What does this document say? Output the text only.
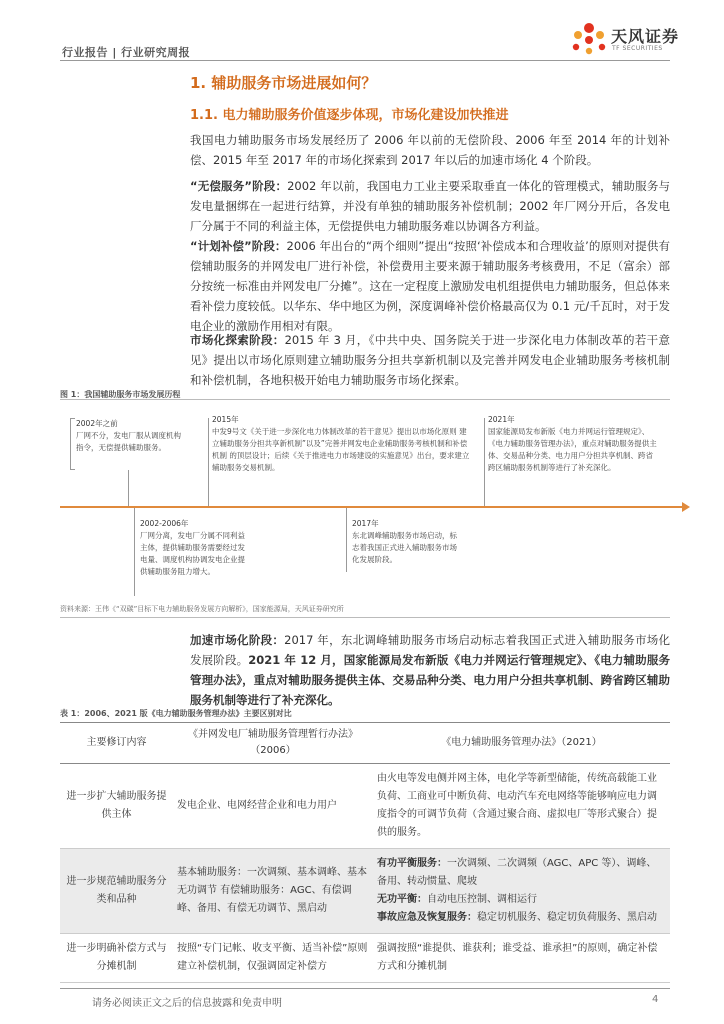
行业报告 | 行业研究周报
天风证券
TF SECURITIES
1. 辅助服务市场进展如何？
1.1. 电力辅助服务价值逐步体现，市场化建设加快推进
我国电力辅助服务市场发展经历了 2006 年以前的无偿阶段、2006 年至 2014 年的计划补偿、2015 年至 2017 年的市场化探索到 2017 年以后的加速市场化 4 个阶段。
“无偿服务”阶段：2002 年以前，我国电力工业主要采取垂直一体化的管理模式，辅助服务与发电量捆绑在一起进行结算，并没有单独的辅助服务补偿机制；2002 年厂网分开后，各发电厂分属于不同的利益主体，无偿提供电力辅助服务难以协调各方利益。
“计划补偿”阶段：2006 年出台的“两个细则”提出“按照‘补偿成本和合理收益’的原则对提供有偿辅助服务的并网发电厂进行补偿，补偿费用主要来源于辅助服务考核费用，不足（富余）部分按统一标准由并网发电厂分摊”。这在一定程度上激励发电机组提供电力辅助服务，但总体来看补偿力度较低。以华东、华中地区为例，深度调峰补偿价格最高仅为 0.1 元/千瓦时，对于发电企业的激励作用相对有限。
市场化探索阶段：2015 年 3 月，《中共中央、国务院关于进一步深化电力体制改革的若干意见》提出以市场化原则建立辅助服务分担共享新机制以及完善并网发电企业辅助服务考核机制和补偿机制，各地积极开始电力辅助服务市场化探索。
图 1：我国辅助服务市场发展历程
2002年之前
厂网不分，发电厂服从调度机构指令，无偿提供辅助服务。
2015年
中发9号文《关于进一步深化电力体制改革的若干意见》提出以市场化原则 建立辅助服务分担共享新机制”以及”完善并网发电企业辅助服务考核机制和补偿机制 的顶层设计；后续《关于推进电力市场建设的实施意见》出台，要求建立辅助服务交易机制。
2021年
国家能源局发布新版《电力并网运行管理规定》、《电力辅助服务管理办法》，重点对辅助服务提供主体、交易品种分类、电力用户分担共享机制、跨省跨区辅助服务机制等进行了补充深化。
2002-2006年
厂网分离，发电厂分属不同利益主体，提供辅助服务需要经过发电量、调度机构协调发电企业提供辅助服务阻力增大。
2017年
东北调峰辅助服务市场启动，标志着我国正式进入辅助服务市场化发展阶段。
资料来源：王伟《“双碳”目标下电力辅助服务发展方向解析》，国家能源局，天风证券研究所
加速市场化阶段：2017 年，东北调峰辅助服务市场启动标志着我国正式进入辅助服务市场化发展阶段。2021 年 12 月，国家能源局发布新版《电力并网运行管理规定》、《电力辅助服务管理办法》，重点对辅助服务提供主体、交易品种分类、电力用户分担共享机制、跨省跨区辅助服务机制等进行了补充深化。
表 1：2006、2021 版《电力辅助服务管理办法》主要区别对比
主要修订内容	《并网发电厂辅助服务管理暂行办法》（2006）	《电力辅助服务管理办法》（2021）
进一步扩大辅助服务提供主体	发电企业、电网经营企业和电力用户	由火电等发电侧并网主体，电化学等新型储能，传统高载能工业负荷、工商业可中断负荷、电动汽车充电网络等能够响应电力调度指令的可调节负荷（含通过聚合商、虚拟电厂等形式聚合）提供的服务。
进一步规范辅助服务分类和品种	基本辅助服务：一次调频、基本调峰、基本无功调节 有偿辅助服务：AGC、有偿调峰、备用、有偿无功调节、黑启动	有功平衡服务：一次调频、二次调频（AGC、APC 等）、调峰、备用、转动惯量、爬坡
无功平衡：自动电压控制、调相运行
事故应急及恢复服务：稳定切机服务、稳定切负荷服务、黑启动

进一步明确补偿方式与分摊机制	按照“专门记帐、收支平衡、适当补偿”原则建立补偿机制，仅强调固定补偿方	强调按照“谁提供、谁获利；谁受益、谁承担”的原则，确定补偿方式和分摊机制
请务必阅读正文之后的信息披露和免责申明	4
